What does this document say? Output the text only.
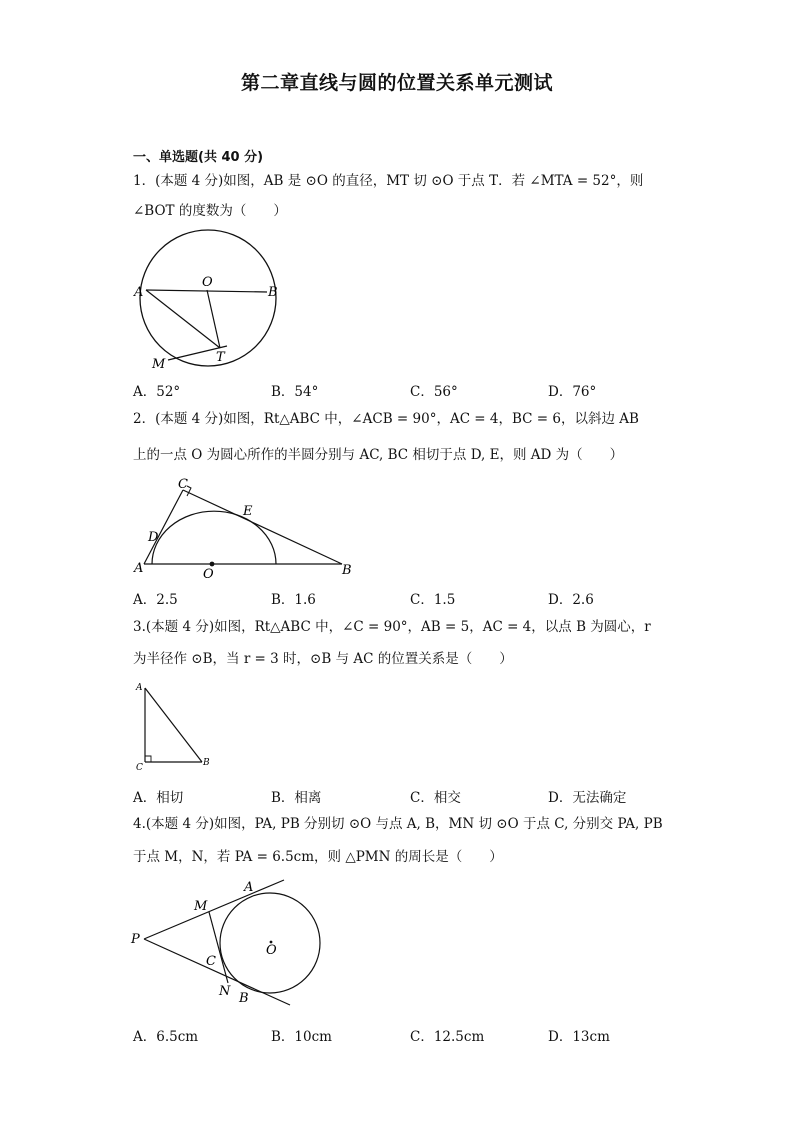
第二章直线与圆的位置关系单元测试
一、单选题(共 40 分)
1．(本题 4 分)如图，AB 是 ⊙O 的直径，MT 切 ⊙O 于点 T．若 ∠MTA = 52°，则
∠BOT 的度数为（　　）
A	B
O
M	T
A．52°	B．54°	C．56°	D．76°
2．(本题 4 分)如图，Rt△ABC 中，∠ACB = 90°，AC = 4，BC = 6，以斜边 AB
上的一点 O 为圆心所作的半圆分别与 AC, BC 相切于点 D, E，则 AD 为（　　）
C
E
D
A	O	B
A．2.5	B．1.6	C．1.5	D．2.6
3.(本题 4 分)如图，Rt△ABC 中，∠C = 90°，AB = 5，AC = 4，以点 B 为圆心，r
为半径作 ⊙B，当 r = 3 时，⊙B 与 AC 的位置关系是（　　）
A
C	B
A．相切	B．相离	C．相交	D．无法确定
4.(本题 4 分)如图，PA, PB 分别切 ⊙O 与点 A, B，MN 切 ⊙O 于点 C, 分别交 PA, PB
于点 M，N，若 PA = 6.5cm，则 △PMN 的周长是（　　）
P
A
M
O
C
N B
A．6.5cm	B．10cm	C．12.5cm	D．13cm
